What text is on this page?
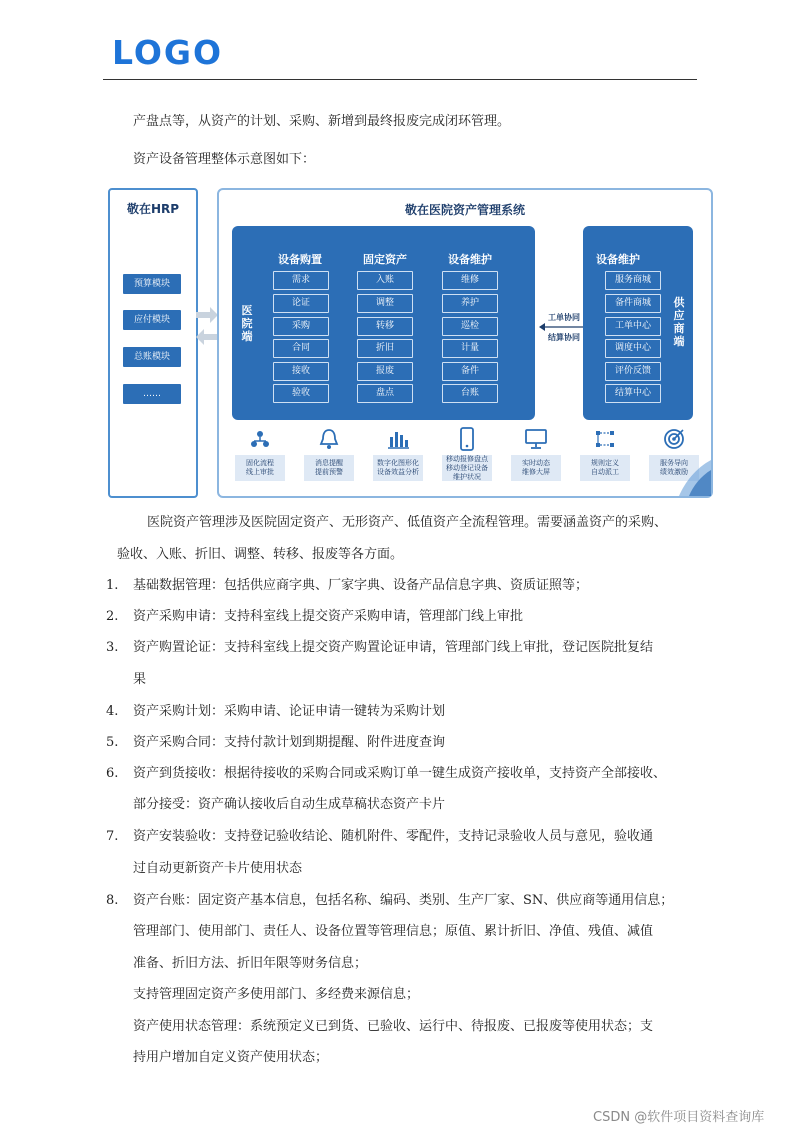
LOGO
产盘点等，从资产的计划、采购、新增到最终报废完成闭环管理。
资产设备管理整体示意图如下：
敬在HRP
预算模块
应付模块
总账模块
……
敬在医院资产管理系统
医院端
设备购置
需求
论证
采购
合同
接收
验收
固定资产
入账
调整
转移
折旧
报废
盘点
设备维护
维修
养护
巡检
计量
备件
台账
工单协同
结算协同
设备维护
服务商城
备件商城
工单中心
调度中心
评价反馈
结算中心
供应商端
固化流程
线上审批
消息提醒
提前预警
数字化图形化
设备效益分析
移动报修盘点
移动登记设备
维护状况
实时动态
维修大屏
规则定义
自动派工
服务导向
绩效激励
医院资产管理涉及医院固定资产、无形资产、低值资产全流程管理。需要涵盖资产的采购、
验收、入账、折旧、调整、转移、报废等各方面。
1. 基础数据管理：包括供应商字典、厂家字典、设备产品信息字典、资质证照等；
2. 资产采购申请：支持科室线上提交资产采购申请，管理部门线上审批
3. 资产购置论证：支持科室线上提交资产购置论证申请，管理部门线上审批，登记医院批复结
果
4. 资产采购计划：采购申请、论证申请一键转为采购计划
5. 资产采购合同：支持付款计划到期提醒、附件进度查询
6. 资产到货接收：根据待接收的采购合同或采购订单一键生成资产接收单，支持资产全部接收、
部分接受：资产确认接收后自动生成草稿状态资产卡片
7. 资产安装验收：支持登记验收结论、随机附件、零配件，支持记录验收人员与意见，验收通
过自动更新资产卡片使用状态
8. 资产台账：固定资产基本信息，包括名称、编码、类别、生产厂家、SN、供应商等通用信息；
管理部门、使用部门、责任人、设备位置等管理信息；原值、累计折旧、净值、残值、减值
准备、折旧方法、折旧年限等财务信息；
支持管理固定资产多使用部门、多经费来源信息；
资产使用状态管理：系统预定义已到货、已验收、运行中、待报废、已报废等使用状态；支
持用户增加自定义资产使用状态；
CSDN @软件项目资料查询库
